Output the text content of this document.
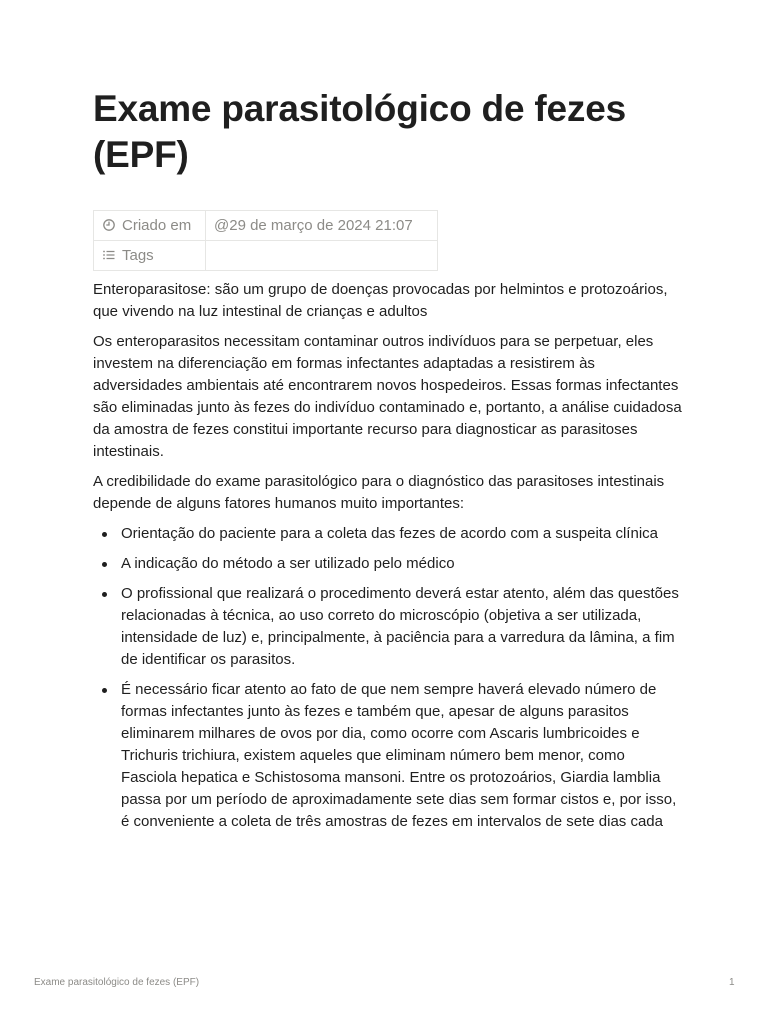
Exame parasitológico de fezes (EPF)
Criado em	@29 de março de 2024 21:07
Tags	

Enteroparasitose: são um grupo de doenças provocadas por helmintos e protozoários, que vivendo na luz intestinal de crianças e adultos

Os enteroparasitos necessitam contaminar outros indivíduos para se perpetuar, eles investem na diferenciação em formas infectantes adaptadas a resistirem às adversidades ambientais até encontrarem novos hospedeiros. Essas formas infectantes são eliminadas junto às fezes do indivíduo contaminado e, portanto, a análise cuidadosa da amostra de fezes constitui importante recurso para diagnosticar as parasitoses intestinais.

A credibilidade do exame parasitológico para o diagnóstico das parasitoses intestinais depende de alguns fatores humanos muito importantes:

Orientação do paciente para a coleta das fezes de acordo com a suspeita clínica
A indicação do método a ser utilizado pelo médico
O profissional que realizará o procedimento deverá estar atento, além das questões relacionadas à técnica, ao uso correto do microscópio (objetiva a ser utilizada, intensidade de luz) e, principalmente, à paciência para a varredura da lâmina, a fim de identificar os parasitos.
É necessário ficar atento ao fato de que nem sempre haverá elevado número de formas infectantes junto às fezes e também que, apesar de alguns parasitos eliminarem milhares de ovos por dia, como ocorre com Ascaris lumbricoides e Trichuris trichiura, existem aqueles que eliminam número bem menor, como Fasciola hepatica e Schistosoma mansoni. Entre os protozoários, Giardia lamblia passa por um período de aproximadamente sete dias sem formar cistos e, por isso, é conveniente a coleta de três amostras de fezes em intervalos de sete dias cada
Exame parasitológico de fezes (EPF)	1
